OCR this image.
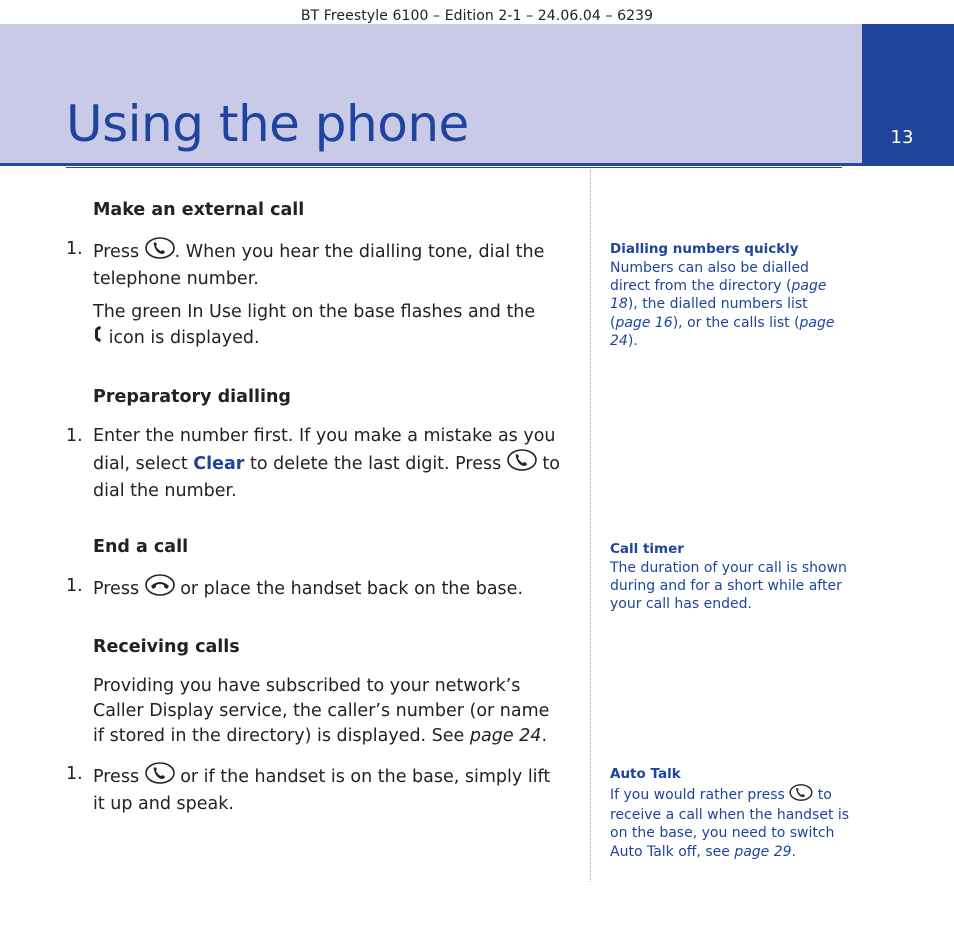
BT Freestyle 6100 – Edition 2-1 – 24.06.04 – 6239
13
Using the phone
Make an external call
1. Press . When you hear the dialling tone, dial the telephone number.
The green In Use light on the base flashes and the
icon is displayed.
Preparatory dialling
1. Enter the number first. If you make a mistake as you dial, select Clear to delete the last digit. Press to dial the number.
End a call
1. Press or place the handset back on the base.
Receiving calls
Providing you have subscribed to your network’s Caller Display service, the caller’s number (or name if stored in the directory) is displayed. See page 24.
1. Press or if the handset is on the base, simply lift it up and speak.
Dialling numbers quickly
Numbers can also be dialled direct from the directory (page 18), the dialled numbers list (page 16), or the calls list (page 24).
Call timer
The duration of your call is shown during and for a short while after your call has ended.
Auto Talk
If you would rather press to receive a call when the handset is on the base, you need to switch Auto Talk off, see page 29.
